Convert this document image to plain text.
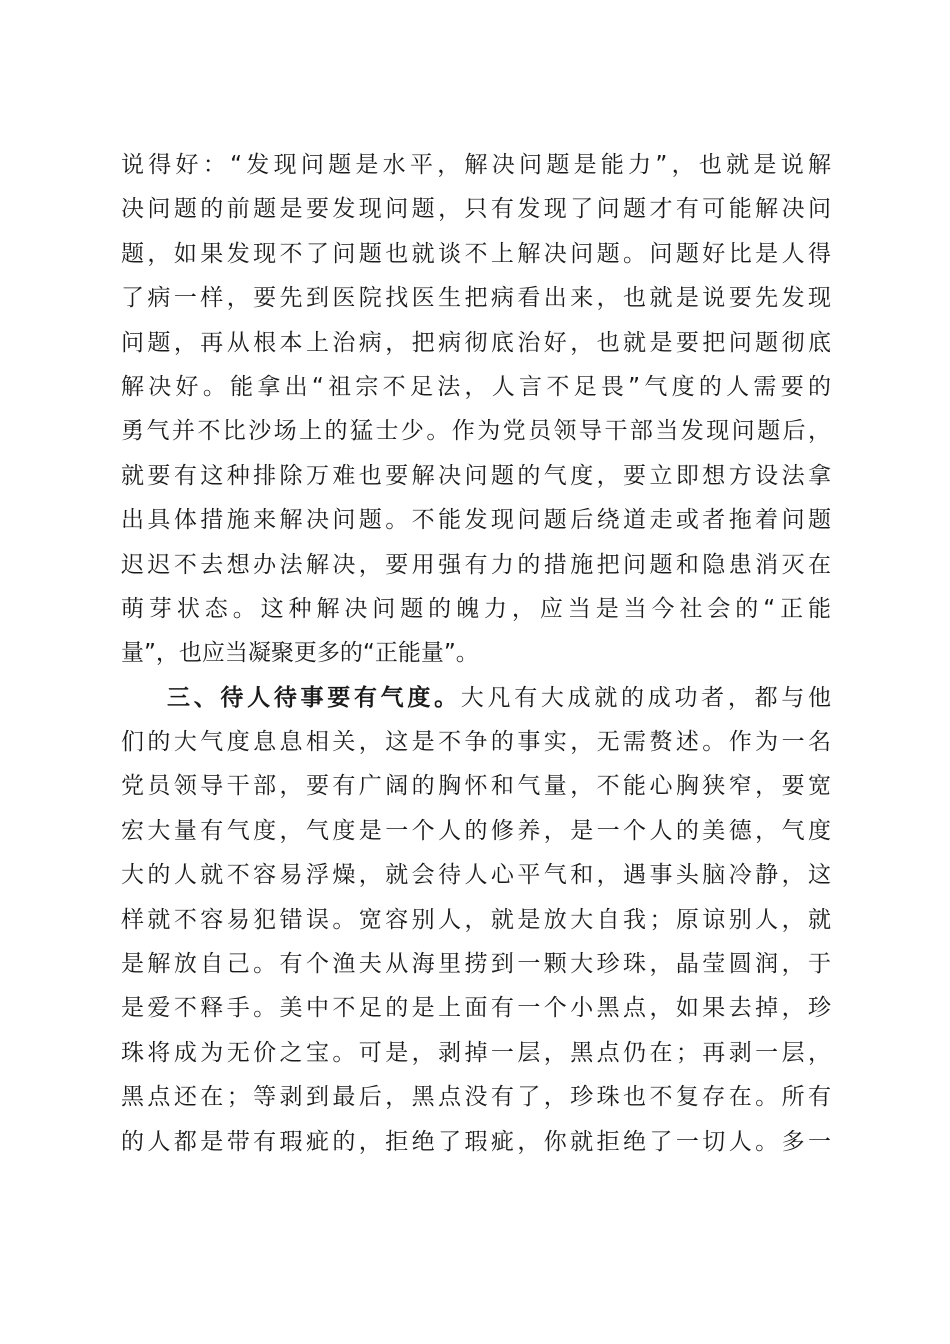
说得好：“发现问题是水平，解决问题是能力”，也就是说解
决问题的前题是要发现问题，只有发现了问题才有可能解决问
题，如果发现不了问题也就谈不上解决问题。问题好比是人得
了病一样，要先到医院找医生把病看出来，也就是说要先发现
问题，再从根本上治病，把病彻底治好，也就是要把问题彻底
解决好。能拿出“祖宗不足法，人言不足畏”气度的人需要的
勇气并不比沙场上的猛士少。作为党员领导干部当发现问题后，
就要有这种排除万难也要解决问题的气度，要立即想方设法拿
出具体措施来解决问题。不能发现问题后绕道走或者拖着问题
迟迟不去想办法解决，要用强有力的措施把问题和隐患消灭在
萌芽状态。这种解决问题的魄力，应当是当今社会的“正能
量”，也应当凝聚更多的“正能量”。
三、待人待事要有气度。大凡有大成就的成功者，都与他
们的大气度息息相关，这是不争的事实，无需赘述。作为一名
党员领导干部，要有广阔的胸怀和气量，不能心胸狭窄，要宽
宏大量有气度，气度是一个人的修养，是一个人的美德，气度
大的人就不容易浮燥，就会待人心平气和，遇事头脑冷静，这
样就不容易犯错误。宽容别人，就是放大自我；原谅别人，就
是解放自己。有个渔夫从海里捞到一颗大珍珠，晶莹圆润，于
是爱不释手。美中不足的是上面有一个小黑点，如果去掉，珍
珠将成为无价之宝。可是，剥掉一层，黑点仍在；再剥一层，
黑点还在；等剥到最后，黑点没有了，珍珠也不复存在。所有
的人都是带有瑕疵的，拒绝了瑕疵，你就拒绝了一切人。多一
